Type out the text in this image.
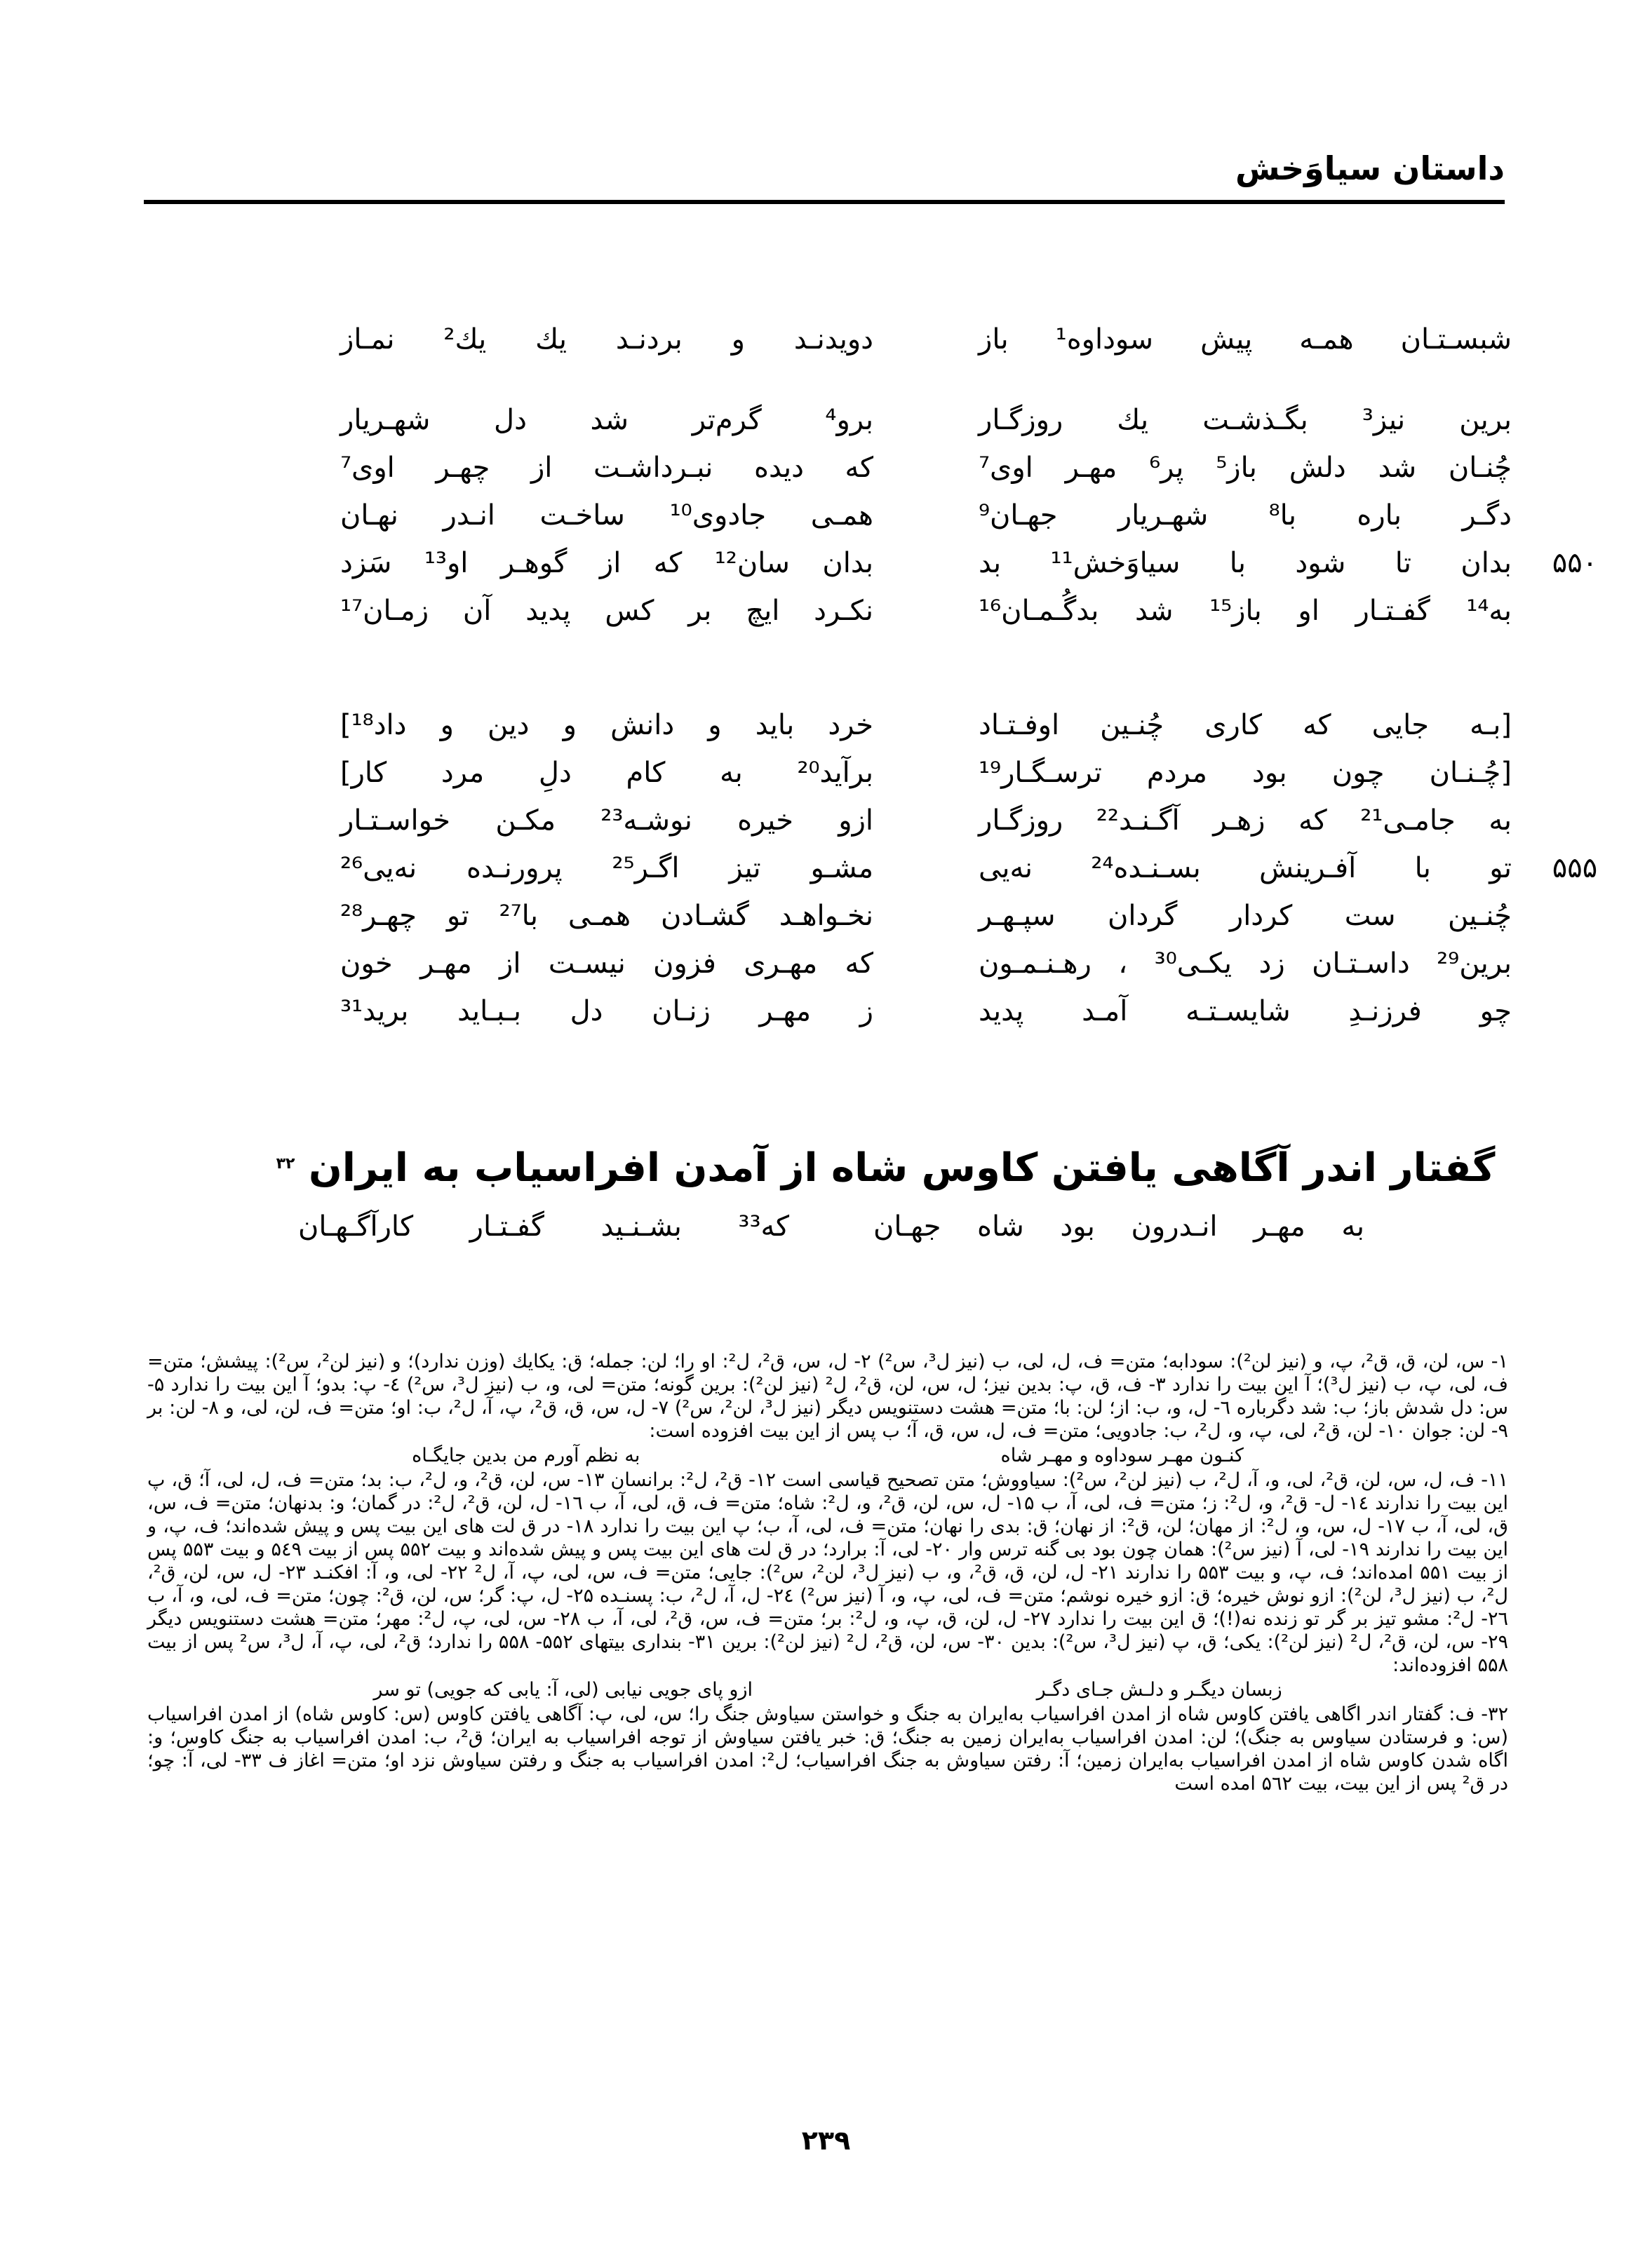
داستان سیاوَخش
شبسـتـان همـه پیش سوداوه¹ باز
دویدنـد و بردنـد یك یك² نمـاز
برین نیز³ بگـذشـت یك روزگـار
برو⁴ گرم‌تر شد دل شهـریار
چُنـان شد دلش باز⁵ پر⁶ مهـر اوی⁷
که دیده نبـرداشـت از چهـر اوی⁷
دگـر باره با⁸ شهـریار جهـان⁹
همـی جادوی¹⁰ ساخـت انـدر نهـان
۵۵۰
بدان تا شود با سیاوَخش¹¹ بد
بدان سان¹² که از گوهـر او¹³ سَزد
به¹⁴ گفـتـار او باز¹⁵ شد بدگُـمـان¹⁶
نکـرد ایچ بر کس پدید آن زمـان¹⁷
[بـه جایی که کاری چُنـین اوفـتـاد
خرد باید و دانش و دین و داد¹⁸]
[چُـنـان چون بود مردم ترسـگـار¹⁹
برآید²⁰ به کام دلِ مرد کار]
به جامـی²¹ که زهـر آگـنـد²² روزگـار
ازو خیره نوشـه²³ مکـن خواسـتـار
۵۵۵
تو با آفـرینش بسـنـده²⁴ نه‌یی
مشـو تیز اگـر²⁵ پرورنـده نه‌یی²⁶
چُنـین ست کردار گردان سپـهـر
نخـواهـد گشـادن همـی با²⁷ تو چهـر²⁸
برین²⁹ داسـتـان زد یکـی³⁰ ، رهـنـمـون
که مهـری فزون نیسـت از مهـر خون
چو فرزنـدِ شایسـتـه آمـد پدید
ز مهـر زنـان دل بـبـاید برید³¹
گفتار اندر آگاهی یافتن کاوس شاه از آمدن افراسیاب به ایران $^{۳۲}$
به مهـر انـدرون بود شاه جهـان
که³³ بشـنـید گفـتـار کارآگـهـان

۱- س، لن، ق، ق²، پ، و (نیز لن²): سودابه؛ متن= ف، ل، لی، ب (نیز ل³، س²) ۲- ل، س، ق²، ل²: او را؛ لن: جمله؛ ق: یکایك (وزن ندارد)؛ و (نیز لن²، س²): پیشش؛ متن= ف، لی، پ، ب (نیز ل³)؛ آ این بیت را ندارد ۳- ف، ق، پ: بدین نیز؛ ل، س، لن، ق²، ل² (نیز لن²): برین گونه؛ متن= لی، و، ب (نیز ل³، س²) ٤- پ: بدو؛ آ این بیت را ندارد ۵- س: دل شدش باز؛ ب: شد دگرباره ٦- ل، و، ب: از؛ لن: با؛ متن= هشت دستنویس دیگر (نیز ل³، لن²، س²) ۷- ل، س، ق، ق²، پ، آ، ل²، ب: او؛ متن= ف، لن، لی، و ۸- لن: بر ۹- لن: جوان ۱۰- لن، ق²، لی، پ، و، ل²، ب: جادویی؛ متن= ف، ل، س، ق، آ؛ ب پس از این بیت افزوده است:

کنـون مهـر سوداوه و مهـر شاه
به نظم آورم من بدین جایگـاه

۱۱- ف، ل، س، لن، ق²، لی، و، آ، ل²، ب (نیز لن²، س²): سیاووش؛ متن تصحیح قیاسی است ۱۲- ق²، ل²: برانسان ۱۳- س، لن، ق²، و، ل²، ب: بد؛ متن= ف، ل، لی، آ؛ ق، پ این بیت را ندارند ۱٤- ل- ق²، و، ل²: ز؛ متن= ف، لی، آ، ب ۱۵- ل، س، لن، ق²، و، ل²: شاه؛ متن= ف، ق، لی، آ، ب ۱٦- ل، لن، ق²، ل²: در گمان؛ و: بدنهان؛ متن= ف، س، ق، لی، آ، ب ۱۷- ل، س، و، ل²: از مهان؛ لن، ق²: از نهان؛ ق: بدی را نهان؛ متن= ف، لی، آ، ب؛ پ این بیت را ندارد ۱۸- در ق لت های این بیت پس و پیش شده‌اند؛ ف، پ، و این بیت را ندارند ۱۹- لی، آ (نیز س²): همان چون بود بی گنه ترس وار ۲۰- لی، آ: برارد؛ در ق لت های این بیت پس و پیش شده‌اند و بیت ۵۵۲ پس از بیت ۵٤۹ و بیت ۵۵۳ پس از بیت ۵۵۱ امده‌اند؛ ف، پ، و بیت ۵۵۳ را ندارند ۲۱- ل، لن، ق، ق²، و، ب (نیز ل³، لن²، س²): جایی؛ متن= ف، س، لی، پ، آ، ل² ۲۲- لی، و، آ: افکنـد ۲۳- ل، س، لن، ق²، ل²، ب (نیز ل³، لن²): ازو نوش خیره؛ ق: ازو خیره نوشم؛ متن= ف، لی، پ، و، آ (نیز س²) ۲٤- ل، آ، ل²، ب: پسنـده ۲۵- ل، پ: گر؛ س، لن، ق²: چون؛ متن= ف، لی، و، آ، ب ۲٦- ل²: مشو تیز بر گر تو زنده نه(!)؛ ق این بیت را ندارد ۲۷- ل، لن، ق، پ، و، ل²: بر؛ متن= ف، س، ق²، لی، آ، ب ۲۸- س، لی، پ، ل²: مهر؛ متن= هشت دستنویس دیگر ۲۹- س، لن، ق²، ل² (نیز لن²): یکی؛ ق، پ (نیز ل³، س²): بدین ۳۰- س، لن، ق²، ل² (نیز لن²): برین ۳۱- بنداری بیتهای ۵۵۲- ۵۵۸ را ندارد؛ ق²، لی، پ، آ، ل³، س² پس از بیت ۵۵۸ افزوده‌اند:

زبسان دیگـر و دلـش جـای دگـر
ازو پای جویی نیابی (لی، آ: یابی که جویی) تو سر

۳۲- ف: گفتار اندر اگاهی یافتن کاوس شاه از امدن افراسیاب به‌ایران به جنگ و خواستن سیاوش جنگ را؛ س، لی، پ: آگاهی یافتن کاوس (س: کاوس شاه) از امدن افراسیاب (س: و فرستادن سیاوس به جنگ)؛ لن: امدن افراسیاب به‌ایران زمین به جنگ؛ ق: خبر یافتن سیاوش از توجه افراسیاب به ایران؛ ق²، ب: امدن افراسیاب به جنگ کاوس؛ و: اگاه شدن کاوس شاه از امدن افراسیاب به‌ایران زمین؛ آ: رفتن سیاوش به جنگ افراسیاب؛ ل²: امدن افراسیاب به جنگ و رفتن سیاوش نزد او؛ متن= اغاز ف ۳۳- لی، آ: چو؛ در ق² پس از این بیت، بیت ۵٦۲ امده است

۲۳۹
